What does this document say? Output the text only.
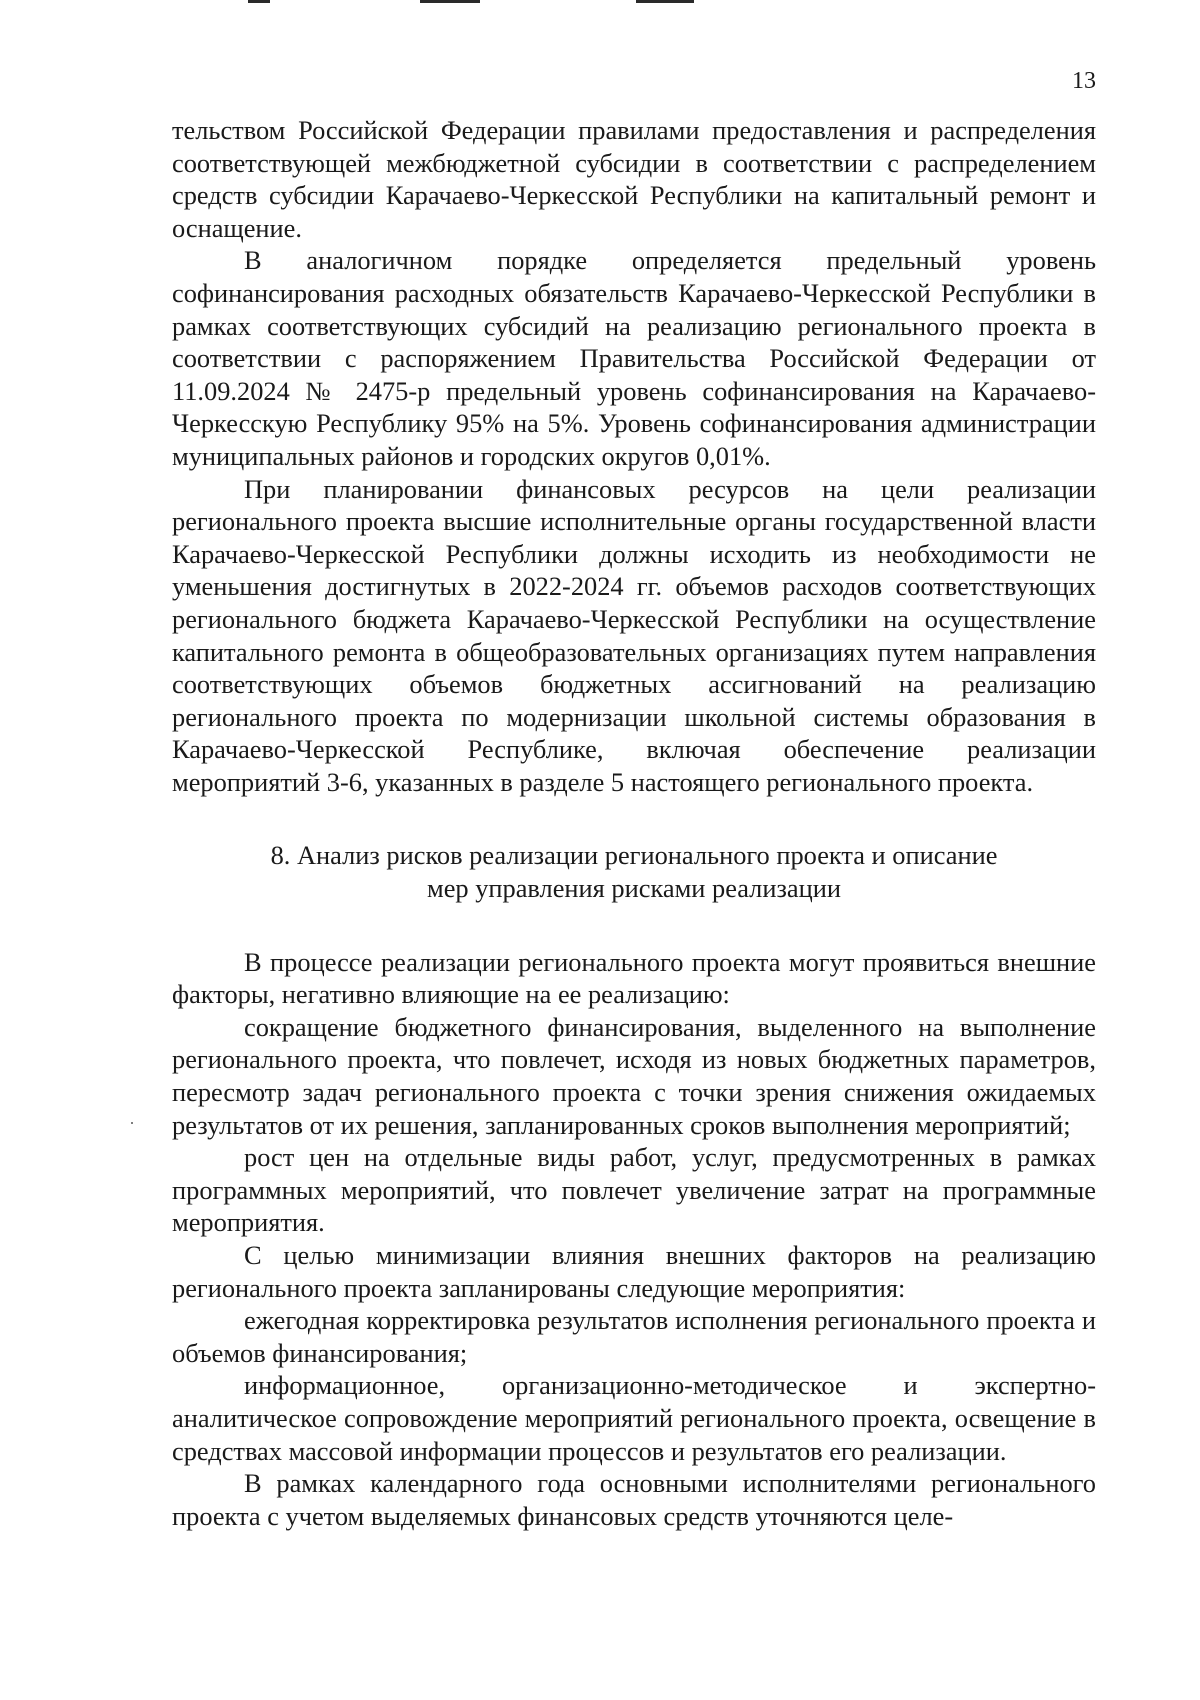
13

тельством Российской Федерации правилами предоставления и распределения соответствующей межбюджетной субсидии в соответствии с распределением средств субсидии Карачаево-Черкесской Республики на капитальный ремонт и оснащение.

В аналогичном порядке определяется предельный уровень софинансирования расходных обязательств Карачаево-Черкесской Республики в рамках соответствующих субсидий на реализацию регионального проекта в соответствии с распоряжением Правительства Российской Федерации от 11.09.2024 № 2475-р предельный уровень софинансирования на Карачаево-Черкесскую Республику 95% на 5%. Уровень софинансирования администрации муниципальных районов и городских округов 0,01%.

При планировании финансовых ресурсов на цели реализации регионального проекта высшие исполнительные органы государственной власти Карачаево-Черкесской Республики должны исходить из необходимости не уменьшения достигнутых в 2022-2024 гг. объемов расходов соответствующих регионального бюджета Карачаево-Черкесской Республики на осуществление капитального ремонта в общеобразовательных организациях путем направления соответствующих объемов бюджетных ассигнований на реализацию регионального проекта по модернизации школьной системы образования в Карачаево-Черкесской Республике, включая обеспечение реализации мероприятий 3-6, указанных в разделе 5 настоящего регионального проекта.

8. Анализ рисков реализации регионального проекта и описание
мер управления рисками реализации

В процессе реализации регионального проекта могут проявиться внешние факторы, негативно влияющие на ее реализацию:

сокращение бюджетного финансирования, выделенного на выполнение регионального проекта, что повлечет, исходя из новых бюджетных параметров, пересмотр задач регионального проекта с точки зрения снижения ожидаемых результатов от их решения, запланированных сроков выполнения мероприятий;

рост цен на отдельные виды работ, услуг, предусмотренных в рамках программных мероприятий, что повлечет увеличение затрат на программные мероприятия.

С целью минимизации влияния внешних факторов на реализацию регионального проекта запланированы следующие мероприятия:

ежегодная корректировка результатов исполнения регионального проекта и объемов финансирования;

информационное, организационно-методическое и экспертно-аналитическое сопровождение мероприятий регионального проекта, освещение в средствах массовой информации процессов и результатов его реализации.

В рамках календарного года основными исполнителями регионального проекта с учетом выделяемых финансовых средств уточняются целе-
